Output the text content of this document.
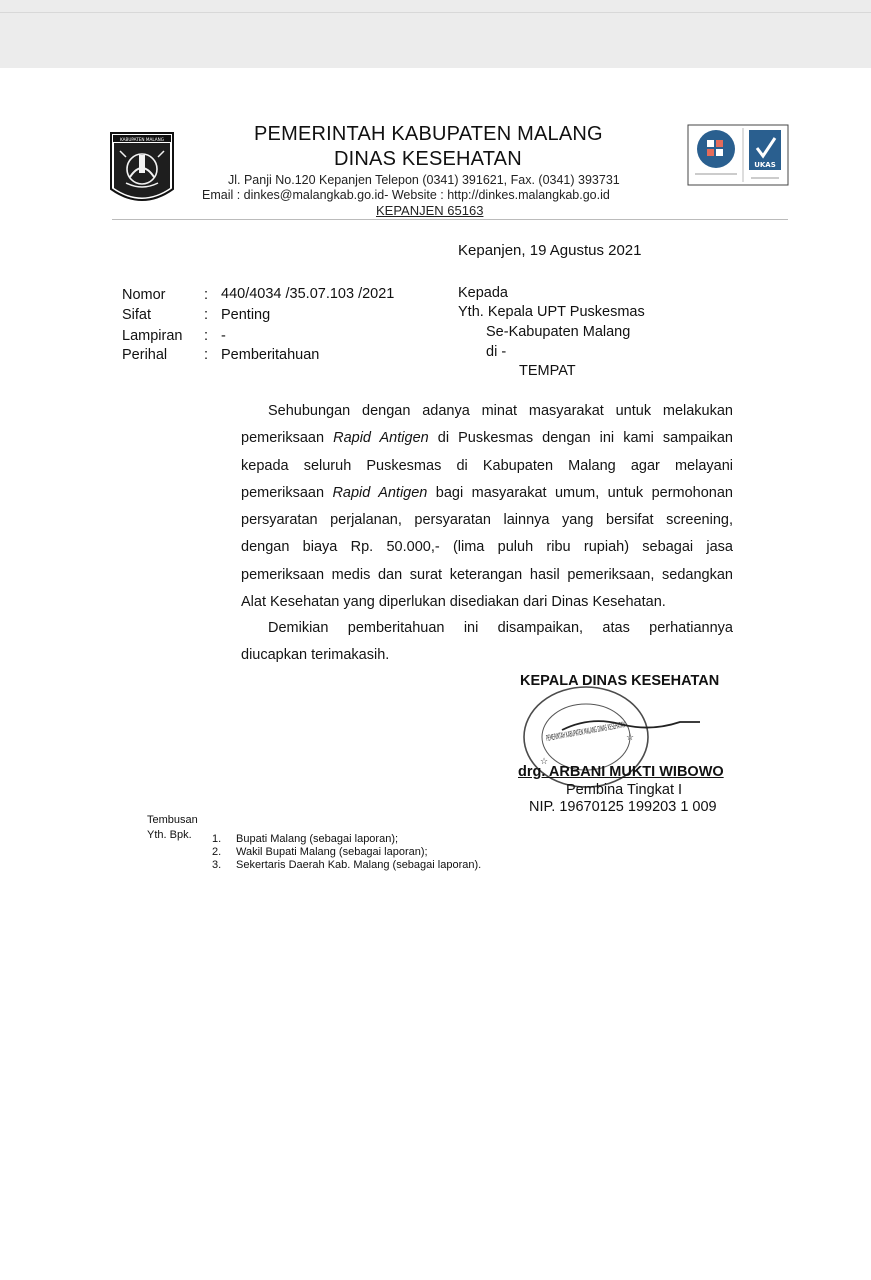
KABUPATEN MALANG	PEMERINTAH KABUPATEN MALANG
DINAS KESEHATAN
Jl. Panji No.120 Kepanjen Telepon (0341) 391621, Fax. (0341) 393731
Email : dinkes@malangkab.go.id- Website : http://dinkes.malangkab.go.id
KEPANJEN 65163
UKAS
Kepanjen, 19 Agustus 2021
Nomor	: 440/4034 /35.07.103 /2021
Sifat	: Penting
Lampiran : -
Perihal	: Pemberitahuan
Kepada
Yth. Kepala UPT Puskesmas
Se-Kabupaten Malang
di -
TEMPAT
Sehubungan dengan adanya minat masyarakat untuk melakukan
pemeriksaan Rapid Antigen di Puskesmas dengan ini kami sampaikan
kepada seluruh Puskesmas di Kabupaten Malang agar melayani
pemeriksaan Rapid Antigen bagi masyarakat umum, untuk permohonan
persyaratan perjalanan, persyaratan lainnya yang bersifat screening,
dengan biaya Rp. 50.000,- (lima puluh ribu rupiah) sebagai jasa
pemeriksaan medis dan surat keterangan hasil pemeriksaan, sedangkan
Alat Kesehatan yang diperlukan disediakan dari Dinas Kesehatan.
Demikian pemberitahuan ini disampaikan, atas perhatiannya
diucapkan terimakasih.
KEPALA DINAS KESEHATAN
PEMERINTAH KABUPATEN MALANG
☆
☆
drg. ARBANI MUKTI WIBOWO
Pembina Tingkat I
NIP. 19670125 199203 1 009
Tembusan
Yth. Bpk. 1. Bupati Malang (sebagai laporan);
2. Wakil Bupati Malang (sebagai laporan);
3. Sekertaris Daerah Kab. Malang (sebagai laporan).
